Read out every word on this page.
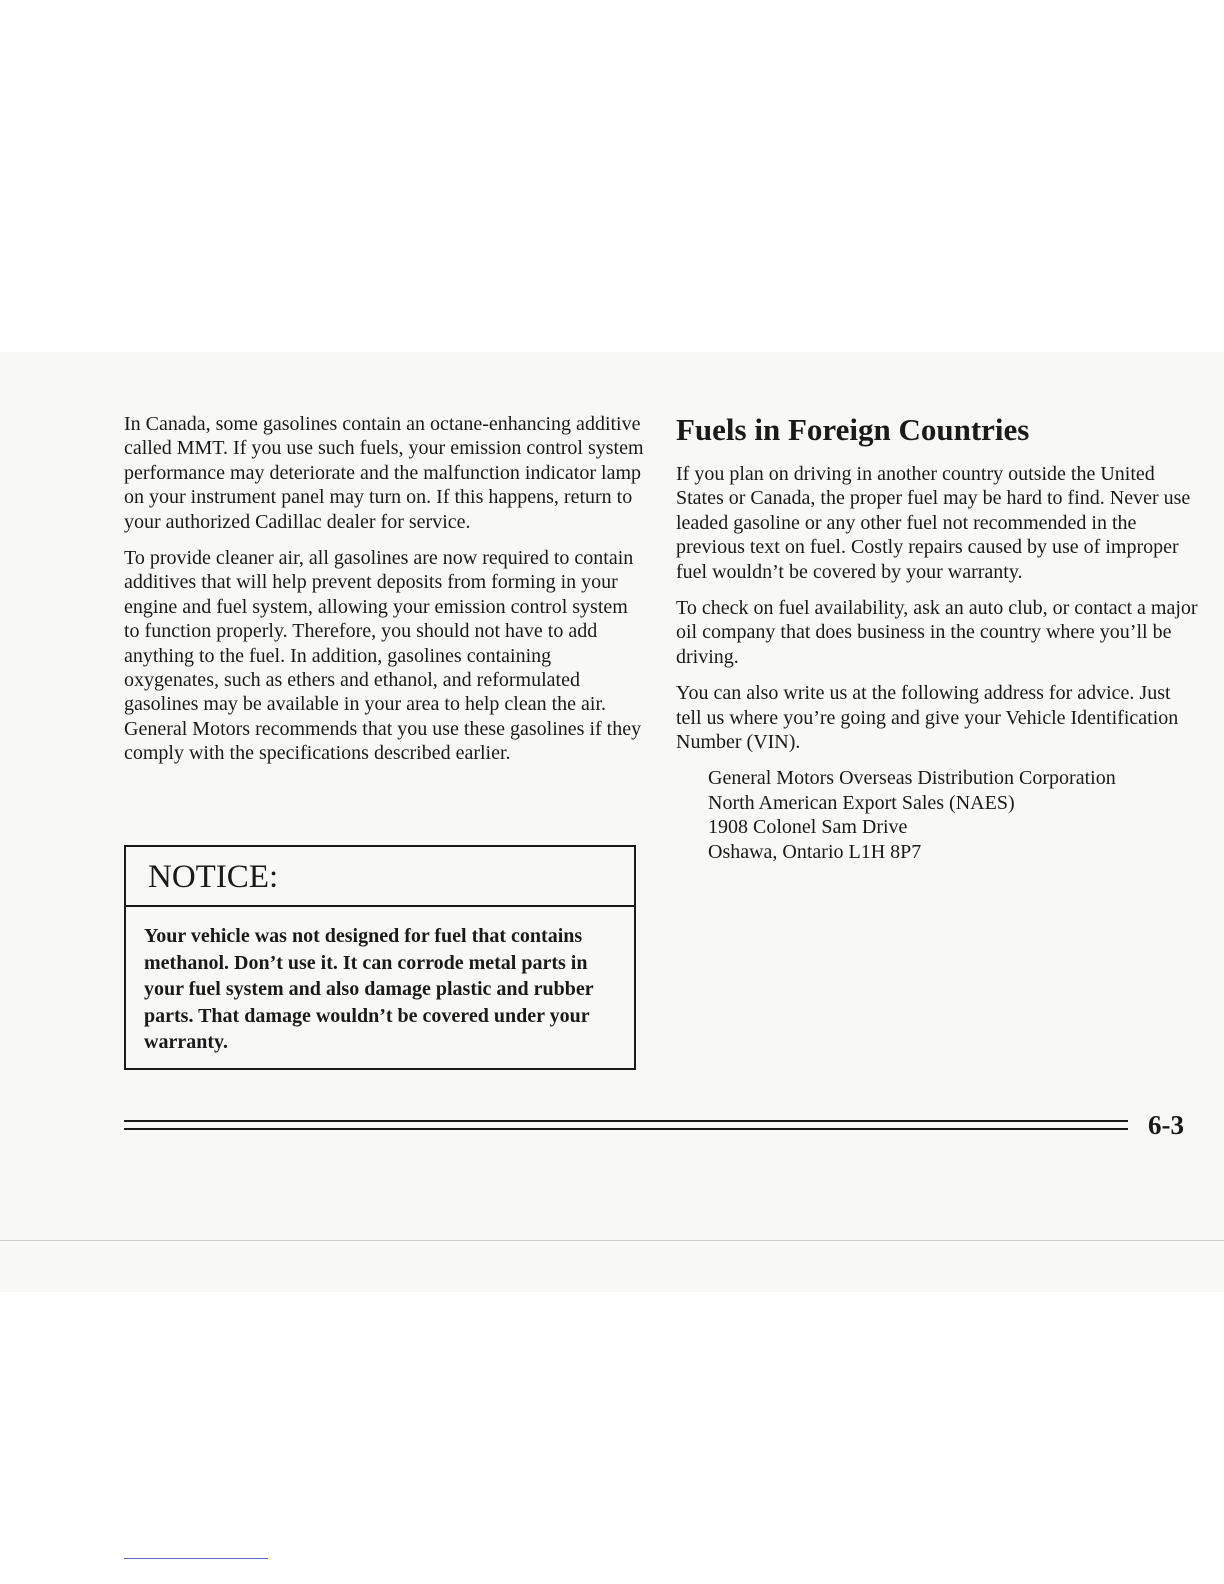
In Canada, some gasolines contain an octane-enhancing additive called MMT. If you use such fuels, your emission control system performance may deteriorate and the malfunction indicator lamp on your instrument panel may turn on. If this happens, return to your authorized Cadillac dealer for service.

To provide cleaner air, all gasolines are now required to contain additives that will help prevent deposits from forming in your engine and fuel system, allowing your emission control system to function properly. Therefore, you should not have to add anything to the fuel. In addition, gasolines containing oxygenates, such as ethers and ethanol, and reformulated gasolines may be available in your area to help clean the air. General Motors recommends that you use these gasolines if they comply with the specifications described earlier.

NOTICE:
Your vehicle was not designed for fuel that contains methanol. Don’t use it. It can corrode metal parts in your fuel system and also damage plastic and rubber parts. That damage wouldn’t be covered under your warranty.
Fuels in Foreign Countries

If you plan on driving in another country outside the United States or Canada, the proper fuel may be hard to find. Never use leaded gasoline or any other fuel not recommended in the previous text on fuel. Costly repairs caused by use of improper fuel wouldn’t be covered by your warranty.

To check on fuel availability, ask an auto club, or contact a major oil company that does business in the country where you’ll be driving.

You can also write us at the following address for advice. Just tell us where you’re going and give your Vehicle Identification Number (VIN).

General Motors Overseas Distribution Corporation
North American Export Sales (NAES)
1908 Colonel Sam Drive
Oshawa, Ontario L1H 8P7
6-3
